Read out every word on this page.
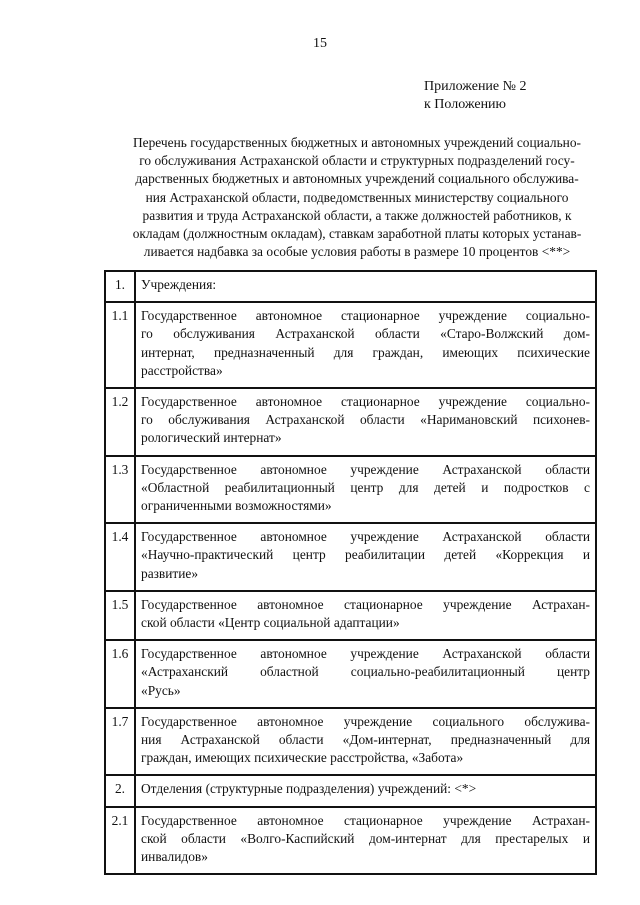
15
Приложение № 2
к Положению
Перечень государственных бюджетных и автономных учреждений социально-
го обслуживания Астраханской области и структурных подразделений госу-
дарственных бюджетных и автономных учреждений социального обслужива-
ния Астраханской области, подведомственных министерству социального
развития и труда Астраханской области, а также должностей работников, к
окладам (должностным окладам), ставкам заработной платы которых устанав-
ливается надбавка за особые условия работы в размере 10 процентов <**>
1.	Учреждения:

1.1	Государственное автономное стационарное учреждение социально-
го обслуживания Астраханской области «Старо-Волжский дом-
интернат, предназначенный для граждан, имеющих психические
расстройства»

1.2	Государственное автономное стационарное учреждение социально-
го обслуживания Астраханской области «Наримановский психонев-
рологический интернат»

1.3	Государственное автономное учреждение Астраханской области
«Областной реабилитационный центр для детей и подростков с
ограниченными возможностями»

1.4	Государственное автономное учреждение Астраханской области
«Научно-практический центр реабилитации детей «Коррекция и
развитие»

1.5	Государственное автономное стационарное учреждение Астрахан-
ской области «Центр социальной адаптации»

1.6	Государственное автономное учреждение Астраханской области
«Астраханский областной социально-реабилитационный центр
«Русь»

1.7	Государственное автономное учреждение социального обслужива-
ния Астраханской области «Дом-интернат, предназначенный для
граждан, имеющих психические расстройства, «Забота»

2.	Отделения (структурные подразделения) учреждений: <*>

2.1	Государственное автономное стационарное учреждение Астрахан-
ской области «Волго-Каспийский дом-интернат для престарелых и
инвалидов»
